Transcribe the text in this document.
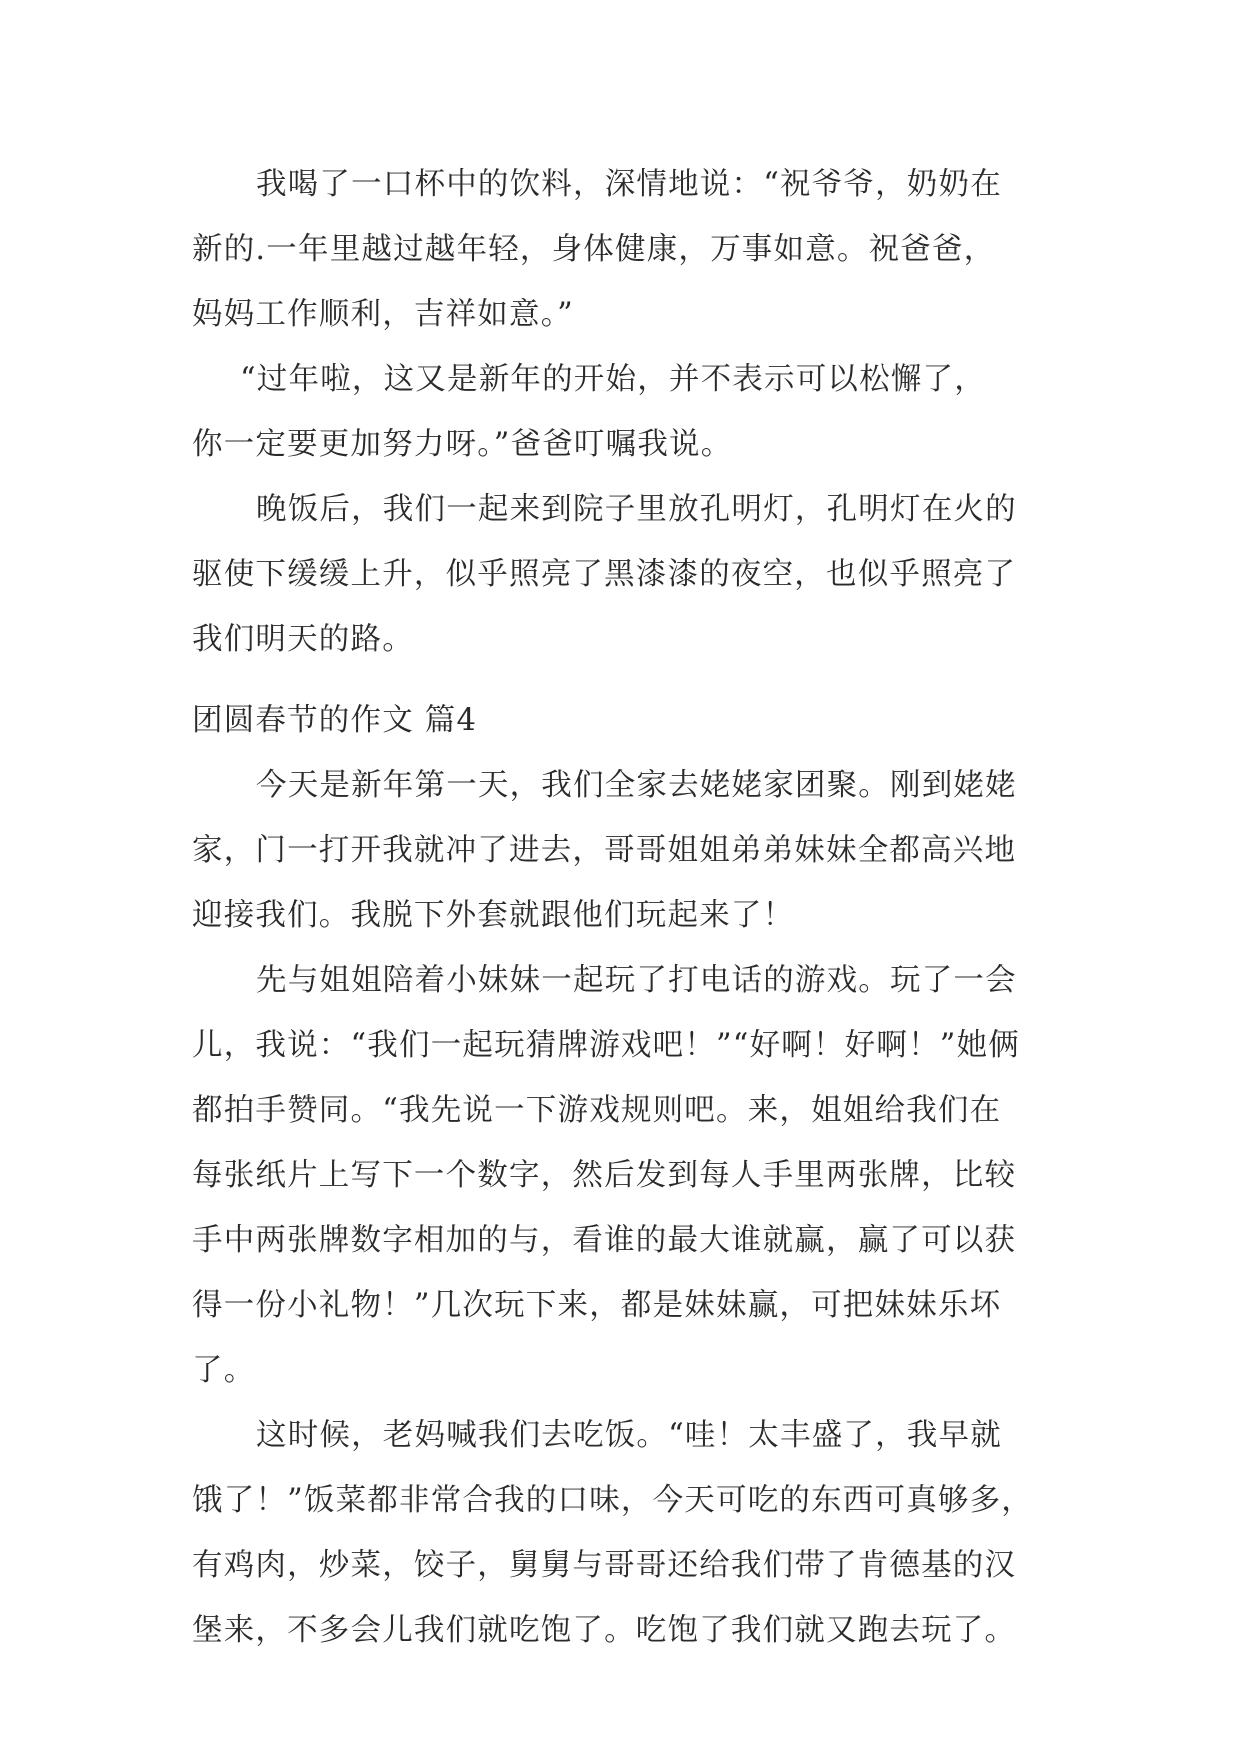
我喝了一口杯中的饮料，深情地说：“祝爷爷，奶奶在
新的.一年里越过越年轻，身体健康，万事如意。祝爸爸，
妈妈工作顺利，吉祥如意。”
“过年啦，这又是新年的开始，并不表示可以松懈了，
你一定要更加努力呀。”爸爸叮嘱我说。
晚饭后，我们一起来到院子里放孔明灯，孔明灯在火的
驱使下缓缓上升，似乎照亮了黑漆漆的夜空，也似乎照亮了
我们明天的路。
团圆春节的作文 篇4
今天是新年第一天，我们全家去姥姥家团聚。刚到姥姥
家，门一打开我就冲了进去，哥哥姐姐弟弟妹妹全都高兴地
迎接我们。我脱下外套就跟他们玩起来了！
先与姐姐陪着小妹妹一起玩了打电话的游戏。玩了一会
儿，我说：“我们一起玩猜牌游戏吧！”“好啊！好啊！”她俩
都拍手赞同。“我先说一下游戏规则吧。来，姐姐给我们在
每张纸片上写下一个数字，然后发到每人手里两张牌，比较
手中两张牌数字相加的与，看谁的最大谁就赢，赢了可以获
得一份小礼物！”几次玩下来，都是妹妹赢，可把妹妹乐坏
了。
这时候，老妈喊我们去吃饭。“哇！太丰盛了，我早就
饿了！”饭菜都非常合我的口味，今天可吃的东西可真够多，
有鸡肉，炒菜，饺子，舅舅与哥哥还给我们带了肯德基的汉
堡来，不多会儿我们就吃饱了。吃饱了我们就又跑去玩了。
